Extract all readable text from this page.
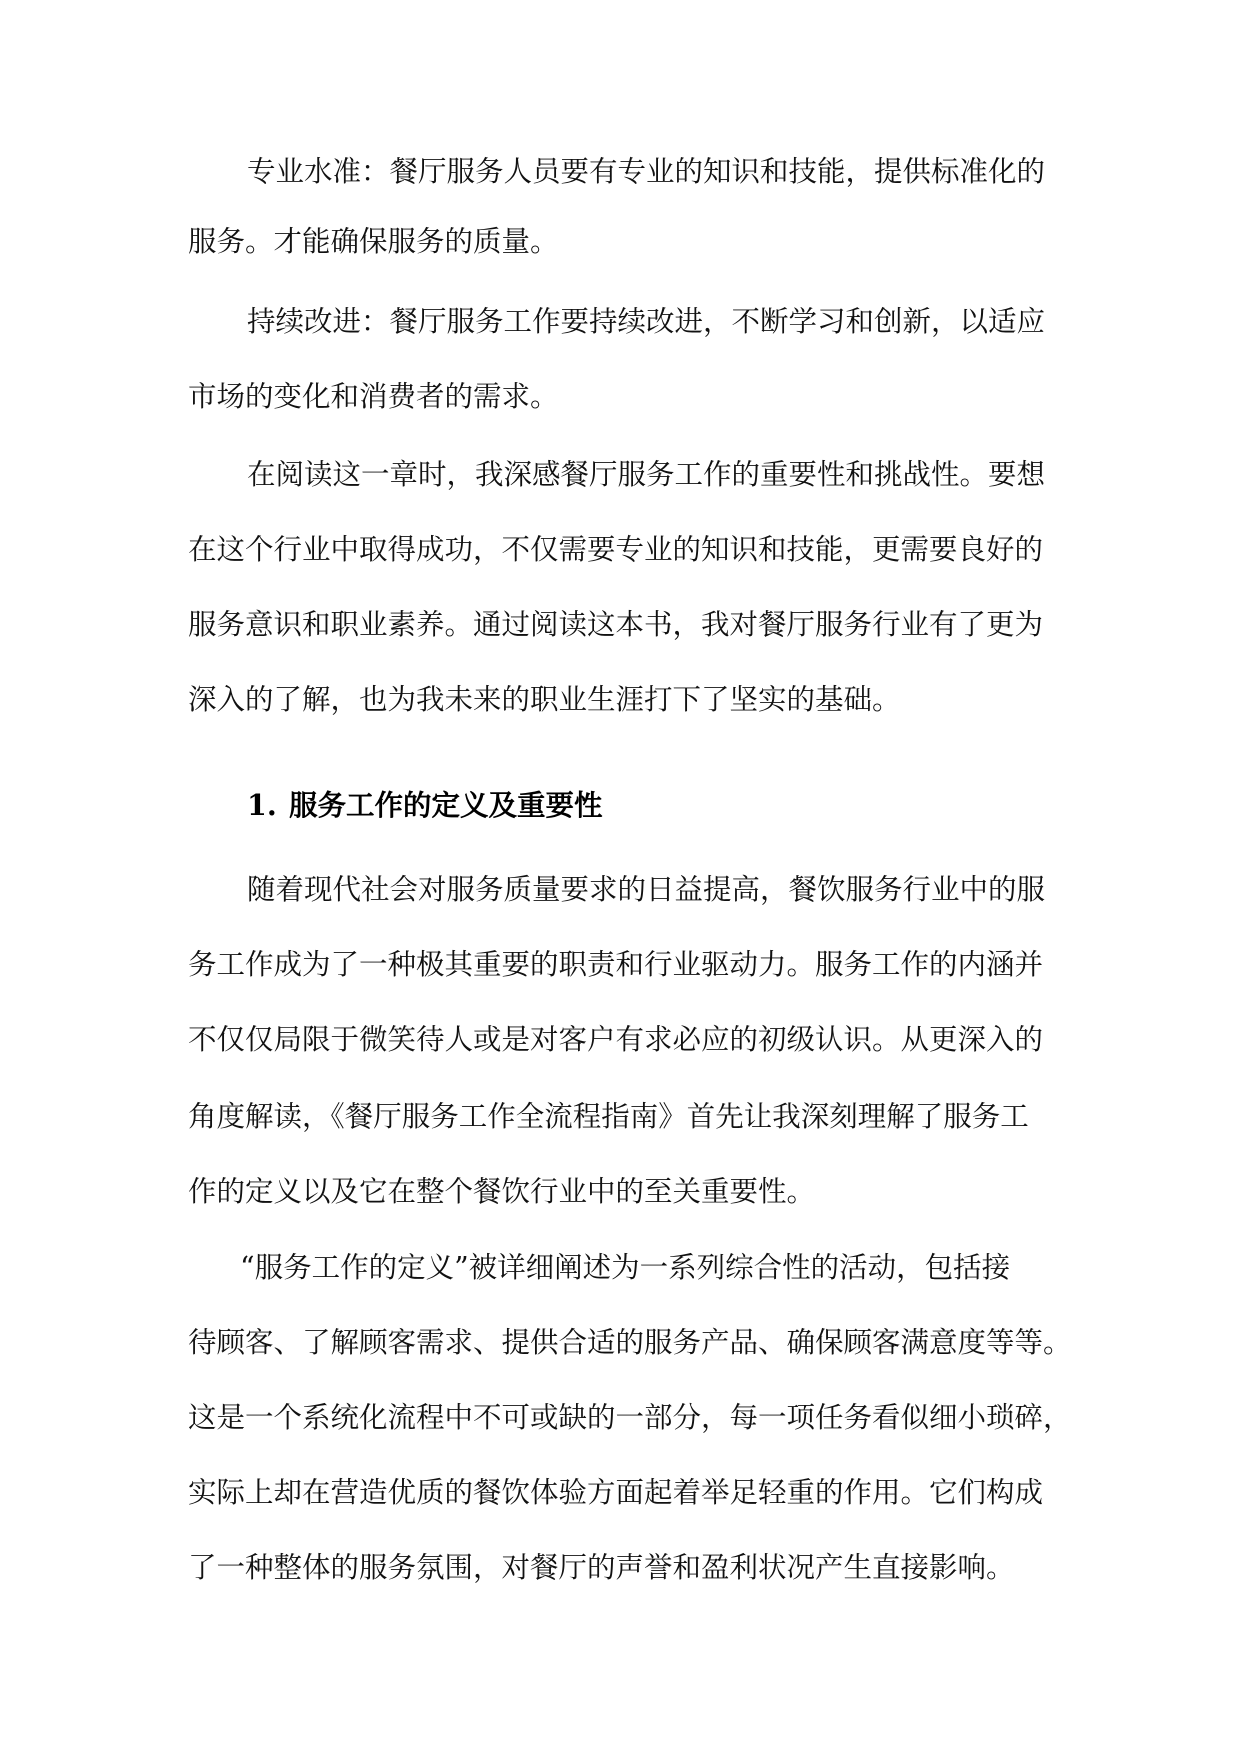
专业水准：餐厅服务人员要有专业的知识和技能，提供标准化的

服务。才能确保服务的质量。

持续改进：餐厅服务工作要持续改进，不断学习和创新，以适应

市场的变化和消费者的需求。

在阅读这一章时，我深感餐厅服务工作的重要性和挑战性。要想

在这个行业中取得成功，不仅需要专业的知识和技能，更需要良好的

服务意识和职业素养。通过阅读这本书，我对餐厅服务行业有了更为

深入的了解，也为我未来的职业生涯打下了坚实的基础。

1. 服务工作的定义及重要性

随着现代社会对服务质量要求的日益提高，餐饮服务行业中的服

务工作成为了一种极其重要的职责和行业驱动力。服务工作的内涵并

不仅仅局限于微笑待人或是对客户有求必应的初级认识。从更深入的

角度解读，《餐厅服务工作全流程指南》首先让我深刻理解了服务工

作的定义以及它在整个餐饮行业中的至关重要性。

“服务工作的定义”被详细阐述为一系列综合性的活动，包括接

待顾客、了解顾客需求、提供合适的服务产品、确保顾客满意度等等。

这是一个系统化流程中不可或缺的一部分，每一项任务看似细小琐碎，

实际上却在营造优质的餐饮体验方面起着举足轻重的作用。它们构成

了一种整体的服务氛围，对餐厅的声誉和盈利状况产生直接影响。
